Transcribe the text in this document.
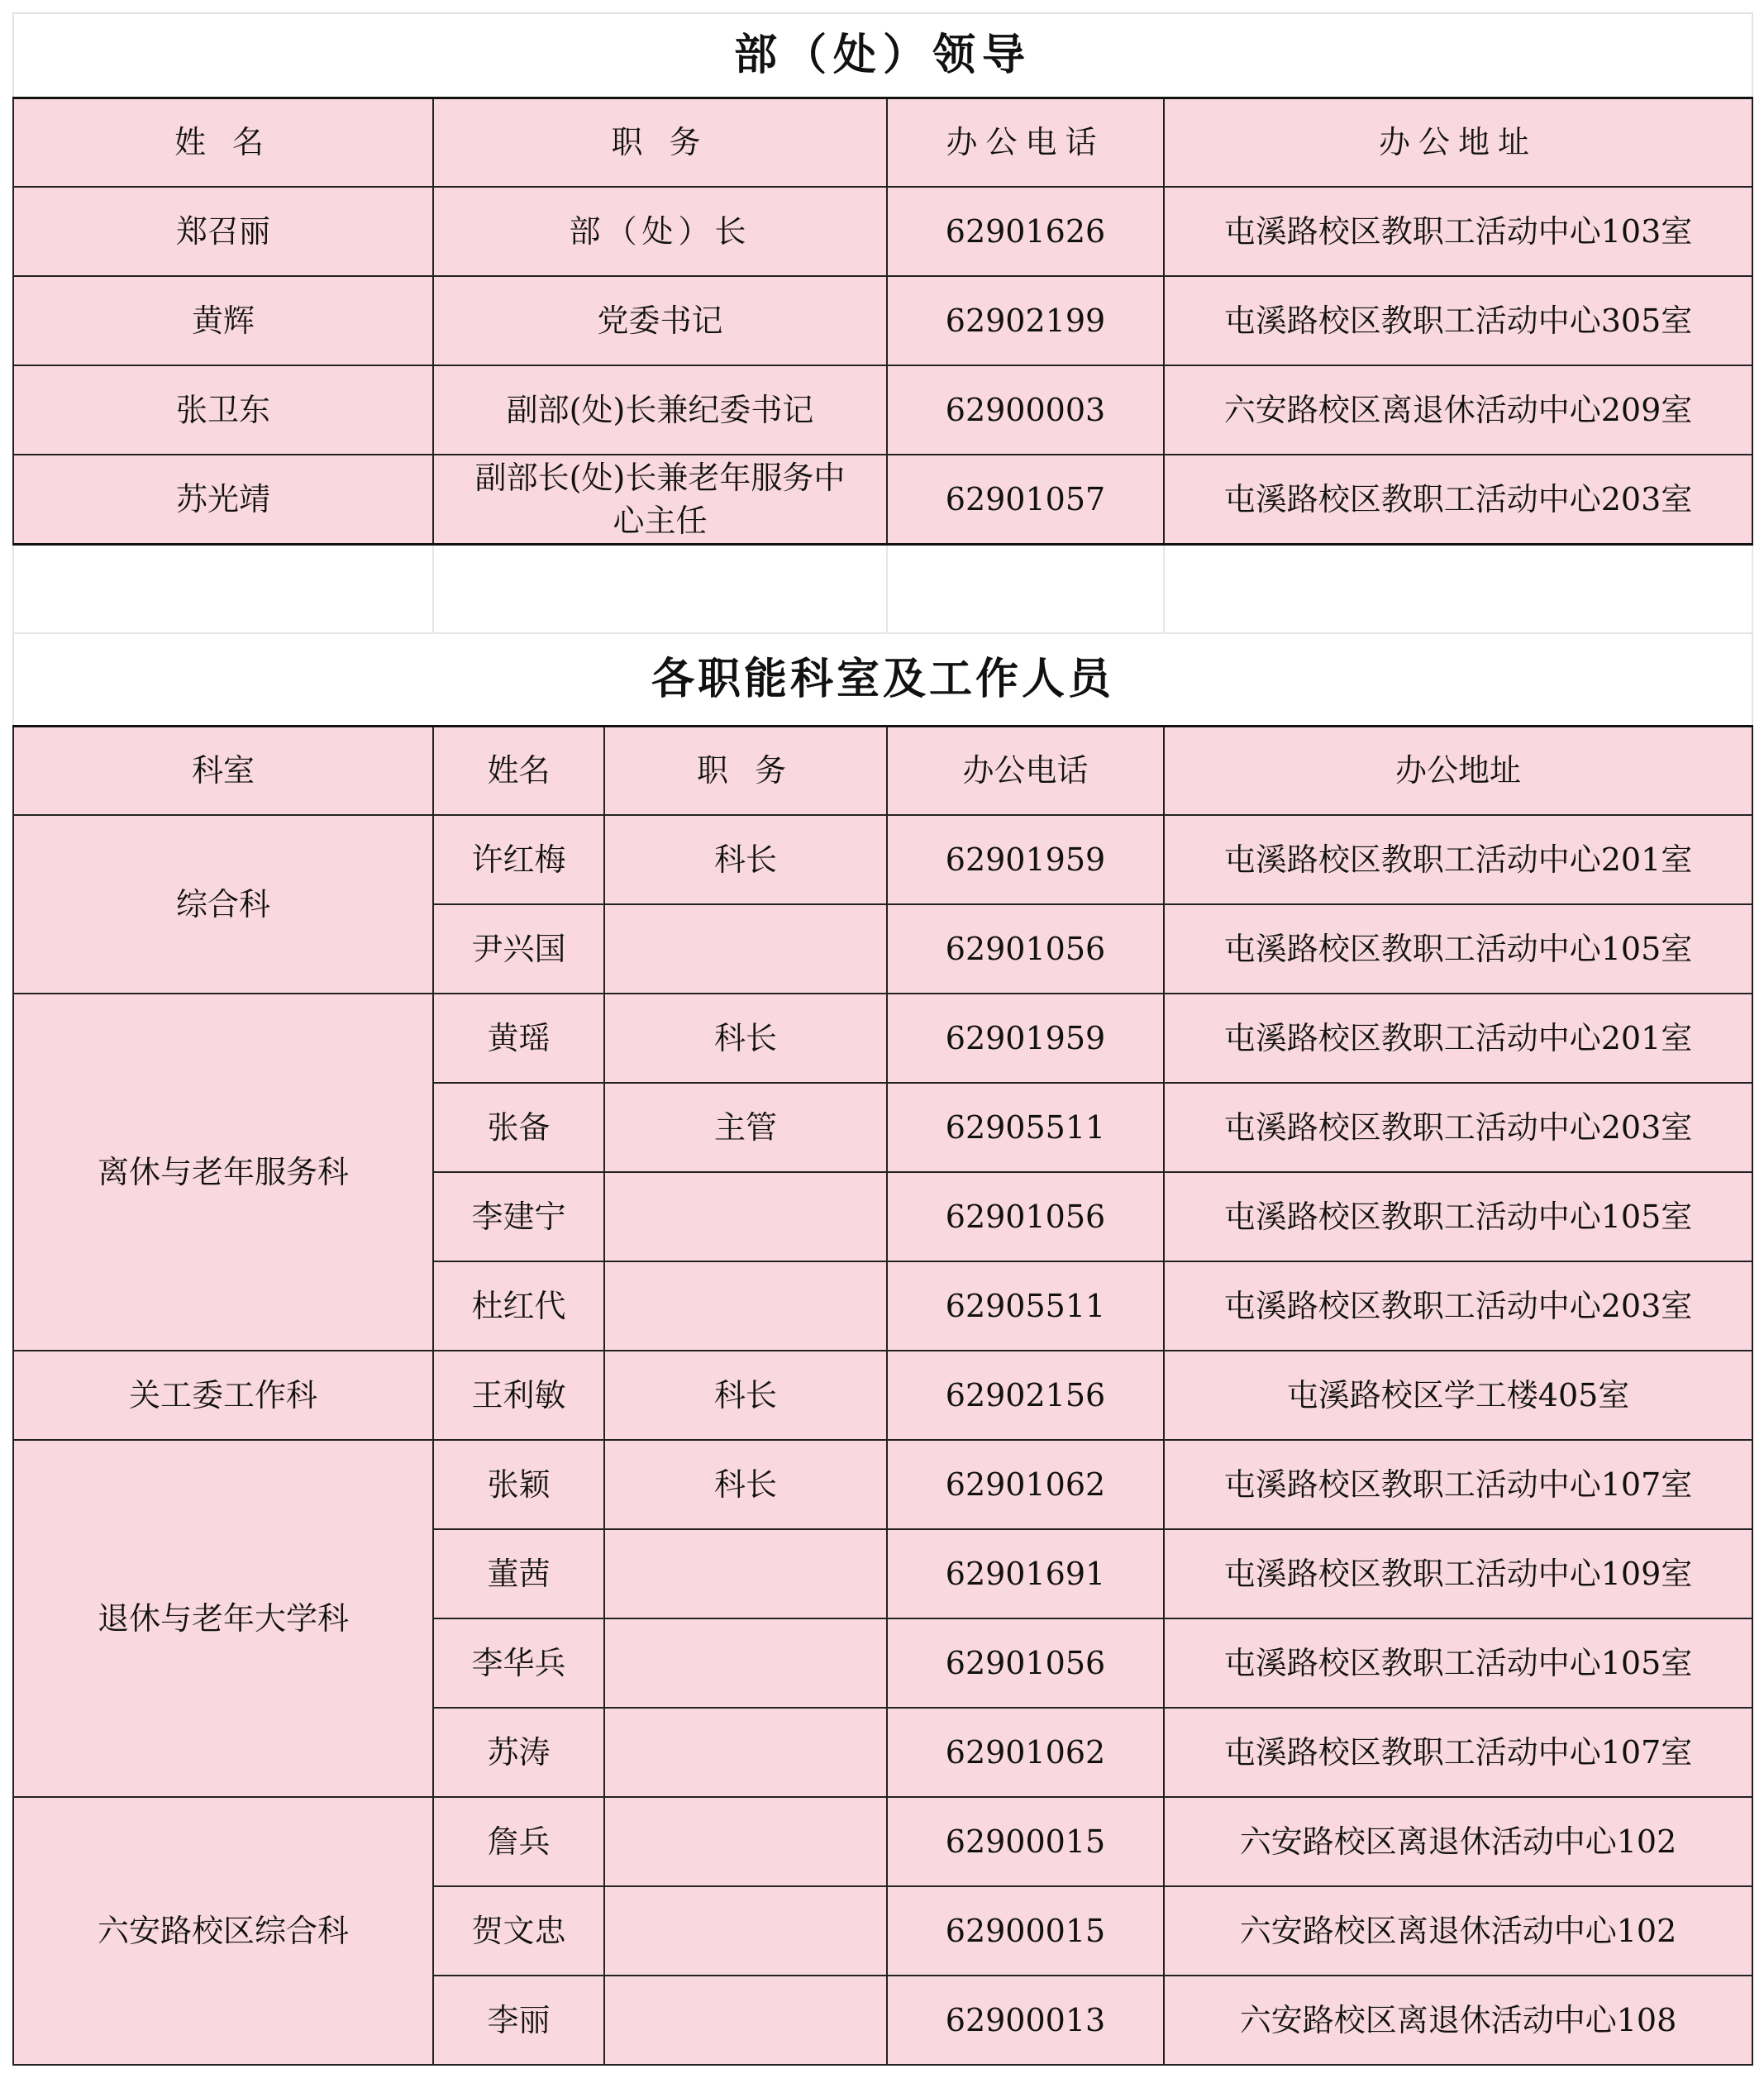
部（处）领导				
姓 名	职 务		办公电话	办公地址
郑召丽	部（处）长		62901626	屯溪路校区教职工活动中心103室
黄辉	党委书记		62902199	屯溪路校区教职工活动中心305室
张卫东	副部(处)长兼纪委书记		62900003	六安路校区离退休活动中心209室
苏光靖	副部长(处)长兼老年服务中心主任		62901057	屯溪路校区教职工活动中心203室

各职能科室及工作人员				
科室	姓名	职 务	办公电话	办公地址
综合科	许红梅	科长	62901959	屯溪路校区教职工活动中心201室
	尹兴国		62901056	屯溪路校区教职工活动中心105室
离休与老年服务科	黄瑶	科长	62901959	屯溪路校区教职工活动中心201室
	张备	主管	62905511	屯溪路校区教职工活动中心203室
	李建宁		62901056	屯溪路校区教职工活动中心105室
	杜红代		62905511	屯溪路校区教职工活动中心203室
关工委工作科	王利敏	科长	62902156	屯溪路校区学工楼405室
退休与老年大学科	张颖	科长	62901062	屯溪路校区教职工活动中心107室
	董茜		62901691	屯溪路校区教职工活动中心109室
	李华兵		62901056	屯溪路校区教职工活动中心105室
	苏涛		62901062	屯溪路校区教职工活动中心107室
六安路校区综合科	詹兵		62900015	六安路校区离退休活动中心102
	贺文忠		62900015	六安路校区离退休活动中心102
	李丽		62900013	六安路校区离退休活动中心108
